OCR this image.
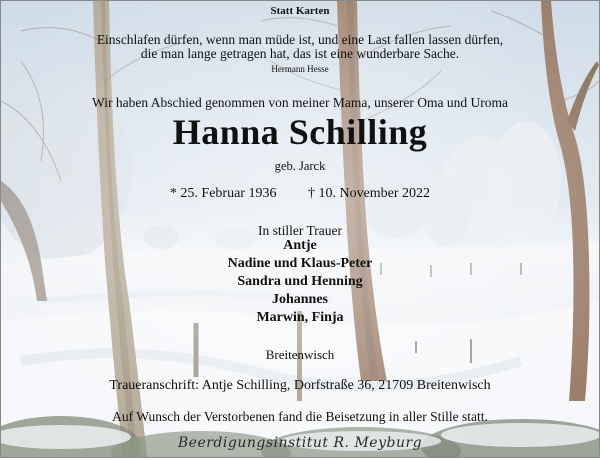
Statt Karten
Einschlafen dürfen, wenn man müde ist, und eine Last fallen lassen dürfen,
die man lange getragen hat, das ist eine wunderbare Sache.
Hermann Hesse
Wir haben Abschied genommen von meiner Mama, unserer Oma und Uroma
Hanna Schilling
geb. Jarck
* 25. Februar 1936 † 10. November 2022
In stiller Trauer
Antje
Nadine und Klaus-Peter
Sandra und Henning
Johannes
Marwin, Finja
Breitenwisch
Traueranschrift: Antje Schilling, Dorfstraße 36, 21709 Breitenwisch
Auf Wunsch der Verstorbenen fand die Beisetzung in aller Stille statt.
Beerdigungsinstitut R. Meyburg
